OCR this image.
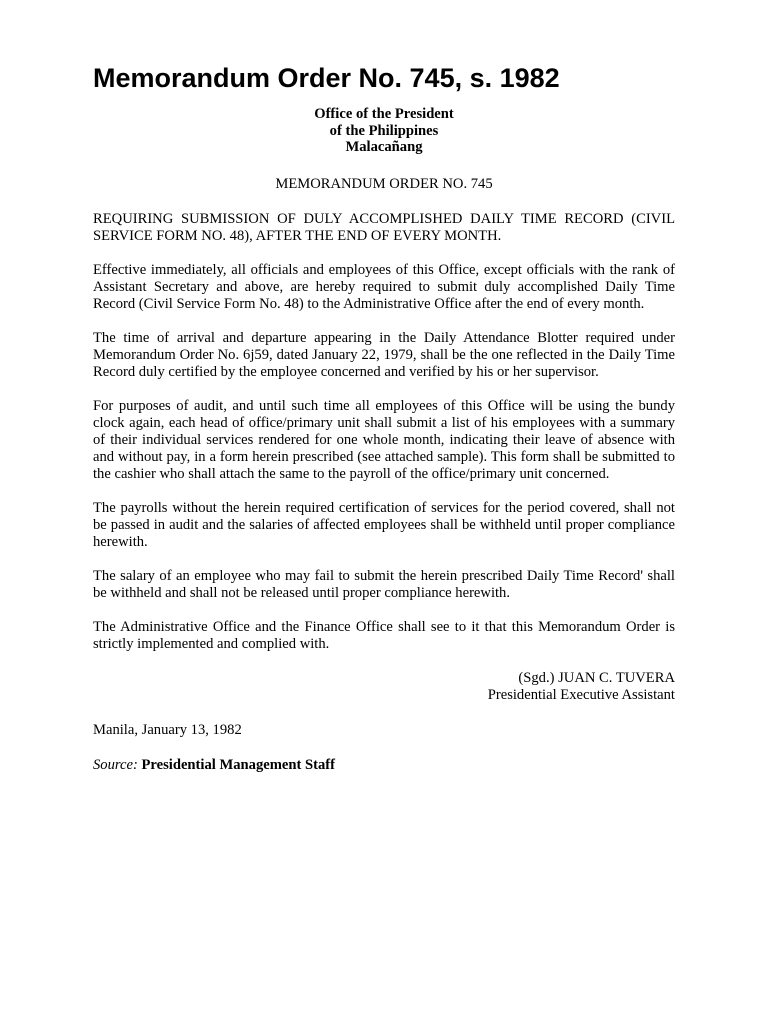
Memorandum Order No. 745, s. 1982
Office of the President
of the Philippines
Malacañang

MEMORANDUM ORDER NO. 745

REQUIRING SUBMISSION OF DULY ACCOMPLISHED DAILY TIME RECORD (CIVIL SERVICE FORM NO. 48), AFTER THE END OF EVERY MONTH.

Effective immediately, all officials and employees of this Office, except officials with the rank of Assistant Secretary and above, are hereby required to submit duly accomplished Daily Time Record (Civil Service Form No. 48) to the Administrative Office after the end of every month.

The time of arrival and departure appearing in the Daily Attendance Blotter required under Memorandum Order No. 6j59, dated January 22, 1979, shall be the one reflected in the Daily Time Record duly certified by the employee concerned and verified by his or her supervisor.

For purposes of audit, and until such time all employees of this Office will be using the bundy clock again, each head of office/primary unit shall submit a list of his employees with a summary of their individual services rendered for one whole month, indicating their leave of absence with and without pay, in a form herein prescribed (see attached sample). This form shall be submitted to the cashier who shall attach the same to the payroll of the office/primary unit concerned.

The payrolls without the herein required certification of services for the period covered, shall not be passed in audit and the salaries of affected employees shall be withheld until proper compliance herewith.

The salary of an employee who may fail to submit the herein prescribed Daily Time Record' shall be withheld and shall not be released until proper compliance herewith.

The Administrative Office and the Finance Office shall see to it that this Memorandum Order is strictly implemented and complied with.

(Sgd.) JUAN C. TUVERA
Presidential Executive Assistant

Manila, January 13, 1982

Source: Presidential Management Staff
